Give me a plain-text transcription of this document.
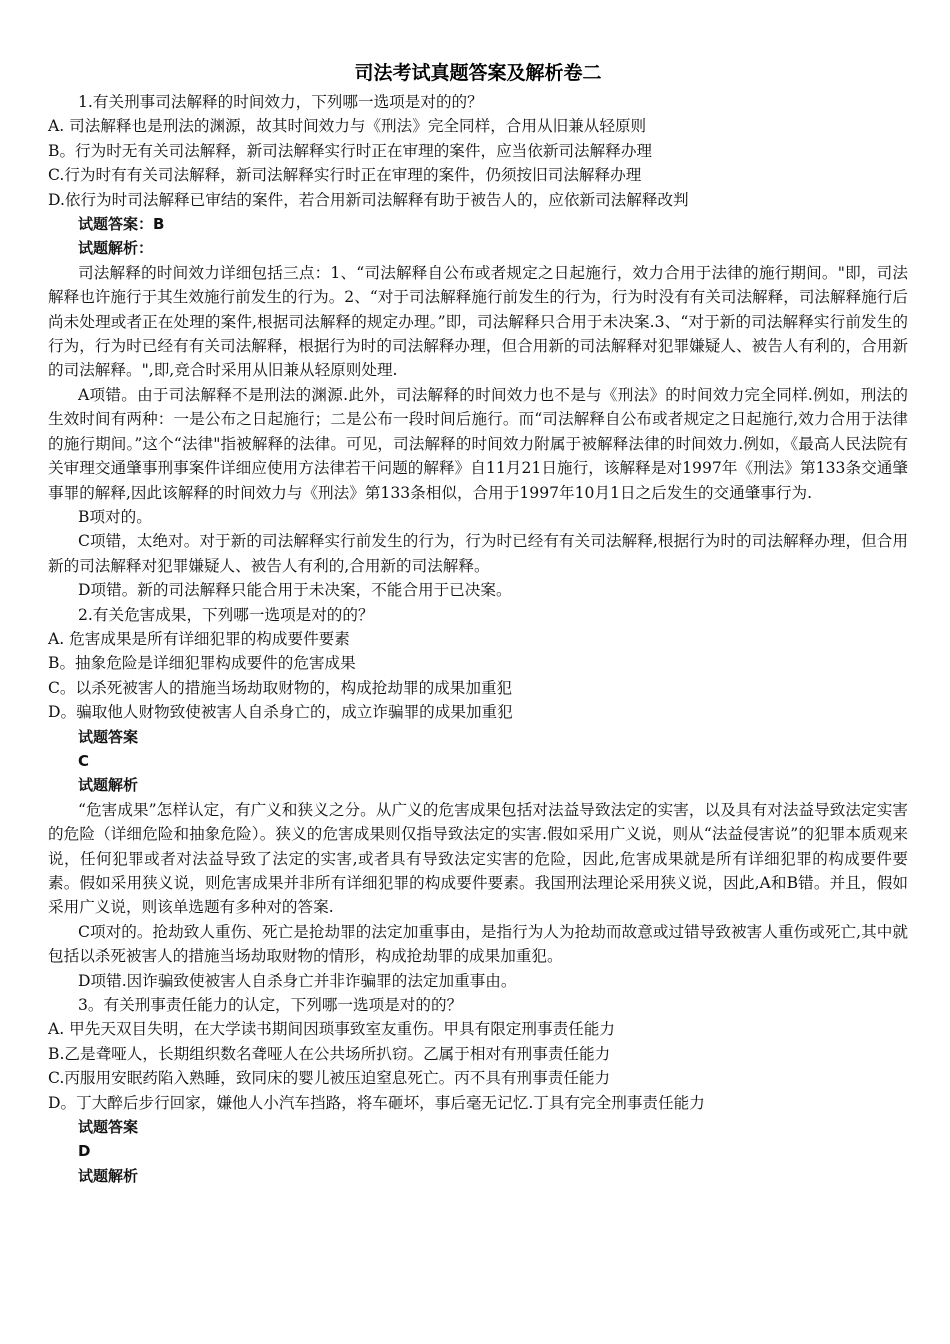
司法考试真题答案及解析卷二
1.有关刑事司法解释的时间效力，下列哪一选项是对的的？
A. 司法解释也是刑法的渊源，故其时间效力与《刑法》完全同样，合用从旧兼从轻原则
B。行为时无有关司法解释，新司法解释实行时正在审理的案件，应当依新司法解释办理
C.行为时有有关司法解释，新司法解释实行时正在审理的案件，仍须按旧司法解释办理
D.依行为时司法解释已审结的案件，若合用新司法解释有助于被告人的，应依新司法解释改判
试题答案：B
试题解析：

司法解释的时间效力详细包括三点：1、“司法解释自公布或者规定之日起施行，效力合用于法律的施行期间。"即，司法解释也许施行于其生效施行前发生的行为。2、“对于司法解释施行前发生的行为，行为时没有有关司法解释，司法解释施行后尚未处理或者正在处理的案件,根据司法解释的规定办理。”即，司法解释只合用于未决案.3、“对于新的司法解释实行前发生的行为，行为时已经有有关司法解释，根据行为时的司法解释办理，但合用新的司法解释对犯罪嫌疑人、被告人有利的，合用新的司法解释。",即,竞合时采用从旧兼从轻原则处理.

A项错。由于司法解释不是刑法的渊源.此外，司法解释的时间效力也不是与《刑法》的时间效力完全同样.例如，刑法的生效时间有两种：一是公布之日起施行；二是公布一段时间后施行。而“司法解释自公布或者规定之日起施行,效力合用于法律的施行期间。”这个“法律"指被解释的法律。可见，司法解释的时间效力附属于被解释法律的时间效力.例如，《最高人民法院有关审理交通肇事刑事案件详细应使用方法律若干问题的解释》自11月21日施行，该解释是对1997年《刑法》第133条交通肇事罪的解释,因此该解释的时间效力与《刑法》第133条相似，合用于1997年10月1日之后发生的交通肇事行为.

B项对的。

C项错，太绝对。对于新的司法解释实行前发生的行为，行为时已经有有关司法解释,根据行为时的司法解释办理，但合用新的司法解释对犯罪嫌疑人、被告人有利的,合用新的司法解释。

D项错。新的司法解释只能合用于未决案，不能合用于已决案。

2.有关危害成果，下列哪一选项是对的的？
A. 危害成果是所有详细犯罪的构成要件要素
B。抽象危险是详细犯罪构成要件的危害成果
C。以杀死被害人的措施当场劫取财物的，构成抢劫罪的成果加重犯
D。骗取他人财物致使被害人自杀身亡的，成立诈骗罪的成果加重犯
试题答案
C
试题解析

“危害成果”怎样认定，有广义和狭义之分。从广义的危害成果包括对法益导致法定的实害，以及具有对法益导致法定实害的危险（详细危险和抽象危险）。狭义的危害成果则仅指导致法定的实害.假如采用广义说，则从“法益侵害说”的犯罪本质观来说，任何犯罪或者对法益导致了法定的实害,或者具有导致法定实害的危险，因此,危害成果就是所有详细犯罪的构成要件要素。假如采用狭义说，则危害成果并非所有详细犯罪的构成要件要素。我国刑法理论采用狭义说，因此,A和B错。并且，假如采用广义说，则该单选题有多种对的答案.

C项对的。抢劫致人重伤、死亡是抢劫罪的法定加重事由，是指行为人为抢劫而故意或过错导致被害人重伤或死亡,其中就包括以杀死被害人的措施当场劫取财物的情形，构成抢劫罪的成果加重犯。

D项错.因诈骗致使被害人自杀身亡并非诈骗罪的法定加重事由。

3。有关刑事责任能力的认定，下列哪一选项是对的的？
A. 甲先天双目失明，在大学读书期间因琐事致室友重伤。甲具有限定刑事责任能力
B.乙是聋哑人，长期组织数名聋哑人在公共场所扒窃。乙属于相对有刑事责任能力
C.丙服用安眠药陷入熟睡，致同床的婴儿被压迫窒息死亡。丙不具有刑事责任能力
D。丁大醉后步行回家，嫌他人小汽车挡路，将车砸坏，事后毫无记忆.丁具有完全刑事责任能力
试题答案
D
试题解析
